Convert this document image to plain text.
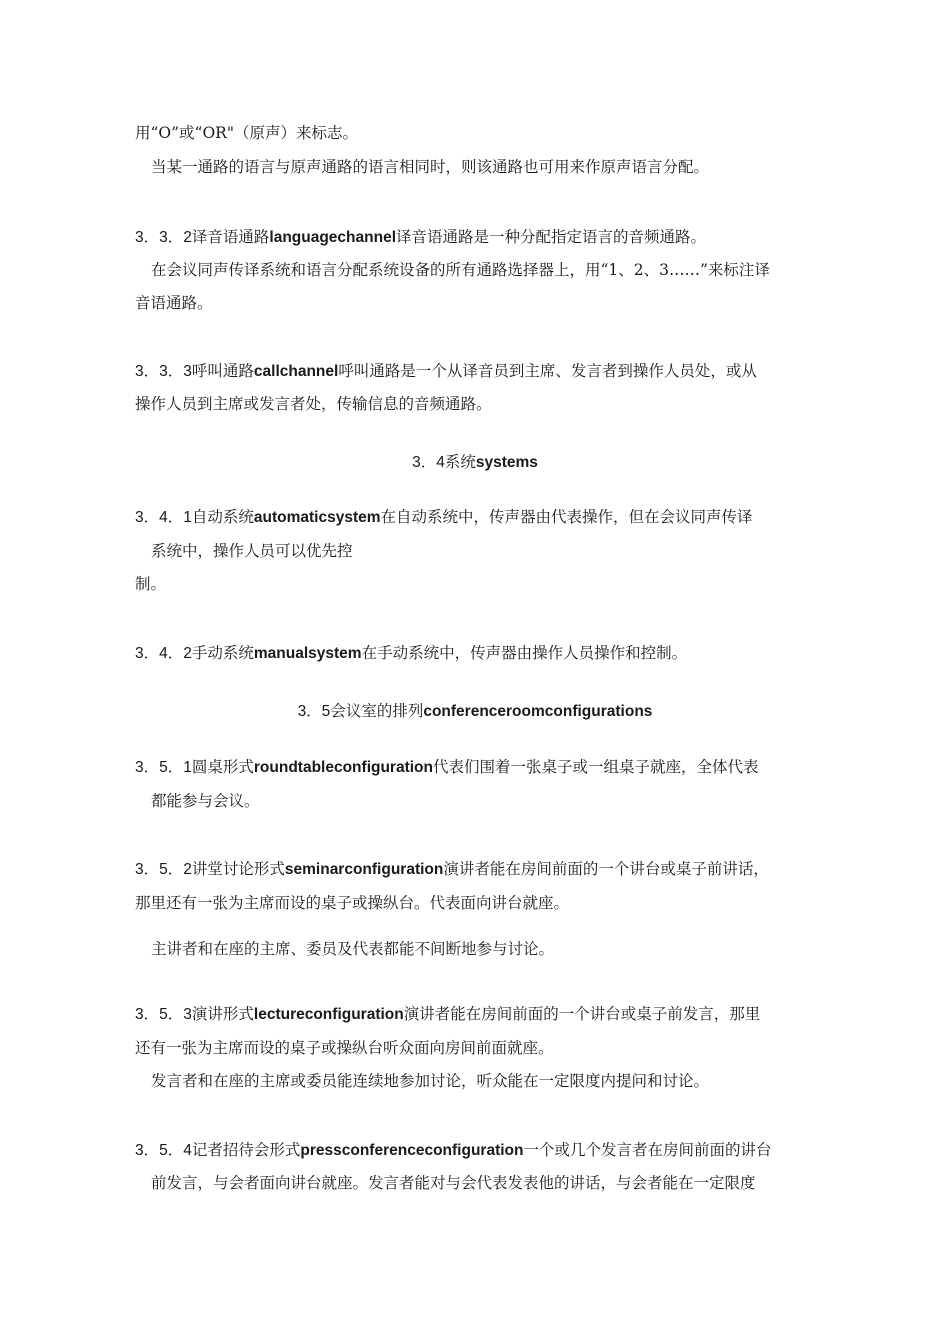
用“O”或“OR"（原声）来标志。
当某一通路的语言与原声通路的语言相同时，则该通路也可用来作原声语言分配。
3．3．2译音语通路languagechannel译音语通路是一种分配指定语言的音频通路。
在会议同声传译系统和语言分配系统设备的所有通路选择器上，用“1、2、3……”来标注译
音语通路。
3．3．3呼叫通路callchannel呼叫通路是一个从译音员到主席、发言者到操作人员处，或从
操作人员到主席或发言者处，传输信息的音频通路。
3．4系统systems
3．4．1自动系统automaticsystem在自动系统中，传声器由代表操作，但在会议同声传译
系统中，操作人员可以优先控
制。
3．4．2手动系统manualsystem在手动系统中，传声器由操作人员操作和控制。
3．5会议室的排列conferenceroomconfigurations
3．5．1圆桌形式roundtableconfiguration代表们围着一张桌子或一组桌子就座，全体代表
都能参与会议。
3．5．2讲堂讨论形式seminarconfiguration演讲者能在房间前面的一个讲台或桌子前讲话，
那里还有一张为主席而设的桌子或操纵台。代表面向讲台就座。
主讲者和在座的主席、委员及代表都能不间断地参与讨论。
3．5．3演讲形式lectureconfiguration演讲者能在房间前面的一个讲台或桌子前发言，那里
还有一张为主席而设的桌子或操纵台听众面向房间前面就座。
发言者和在座的主席或委员能连续地参加讨论，听众能在一定限度内提问和讨论。
3．5．4记者招待会形式pressconferenceconfiguration一个或几个发言者在房间前面的讲台
前发言，与会者面向讲台就座。发言者能对与会代表发表他的讲话，与会者能在一定限度
